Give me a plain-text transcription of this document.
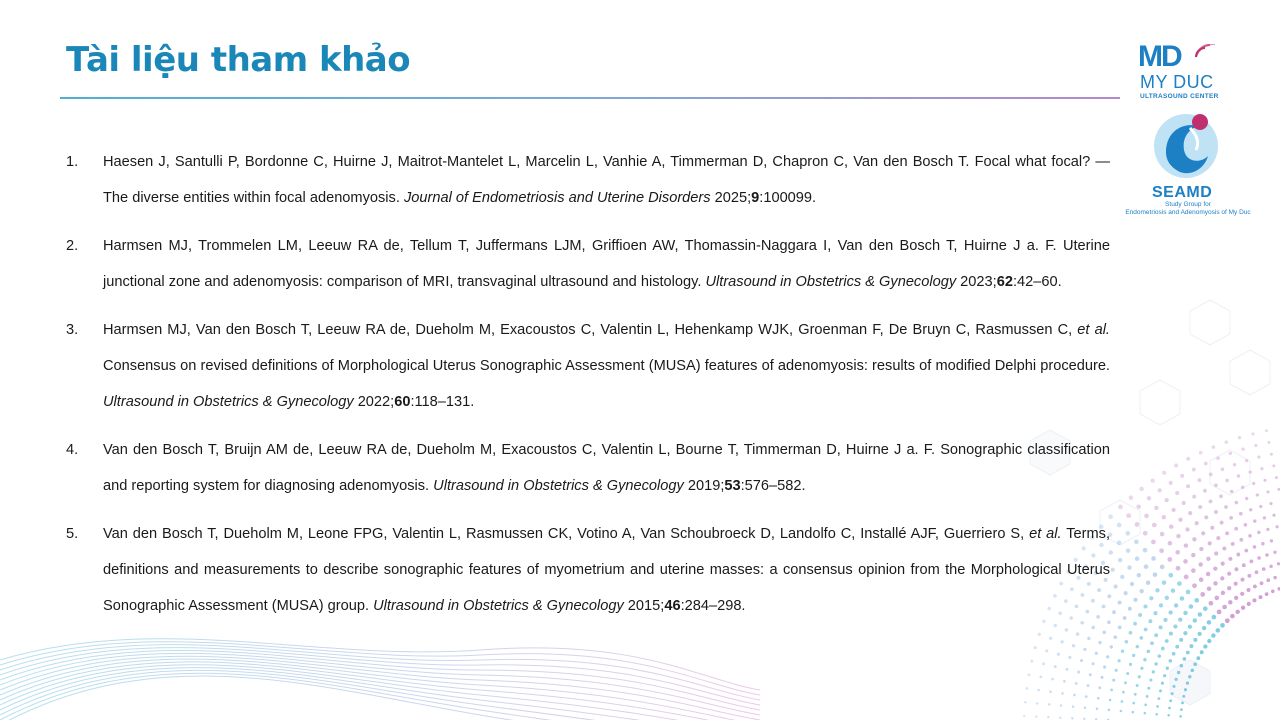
Tài liệu tham khảo	MD
MY DUC
ULTRASOUND CENTER
SEAMD
Study Group for
Endometriosis and Adenomyosis of My Duc
1.	Haesen J, Santulli P, Bordonne C, Huirne J, Maitrot-Mantelet L, Marcelin L, Vanhie A, Timmerman D, Chapron C, Van den Bosch T. Focal what focal? — The diverse entities within focal adenomyosis. Journal of Endometriosis and Uterine Disorders 2025;9:100099.
2.	Harmsen MJ, Trommelen LM, Leeuw RA de, Tellum T, Juffermans LJM, Griffioen AW, Thomassin-Naggara I, Van den Bosch T, Huirne J a. F. Uterine junctional zone and adenomyosis: comparison of MRI, transvaginal ultrasound and histology. Ultrasound in Obstetrics & Gynecology 2023;62:42–60.
3.	Harmsen MJ, Van den Bosch T, Leeuw RA de, Dueholm M, Exacoustos C, Valentin L, Hehenkamp WJK, Groenman F, De Bruyn C, Rasmussen C, et al. Consensus on revised definitions of Morphological Uterus Sonographic Assessment (MUSA) features of adenomyosis: results of modified Delphi procedure. Ultrasound in Obstetrics & Gynecology 2022;60:118–131.
4.	Van den Bosch T, Bruijn AM de, Leeuw RA de, Dueholm M, Exacoustos C, Valentin L, Bourne T, Timmerman D, Huirne J a. F. Sonographic classification and reporting system for diagnosing adenomyosis. Ultrasound in Obstetrics & Gynecology 2019;53:576–582.
5.	Van den Bosch T, Dueholm M, Leone FPG, Valentin L, Rasmussen CK, Votino A, Van Schoubroeck D, Landolfo C, Installé AJF, Guerriero S, et al. Terms, definitions and measurements to describe sonographic features of myometrium and uterine masses: a consensus opinion from the Morphological Uterus Sonographic Assessment (MUSA) group. Ultrasound in Obstetrics & Gynecology 2015;46:284–298.
